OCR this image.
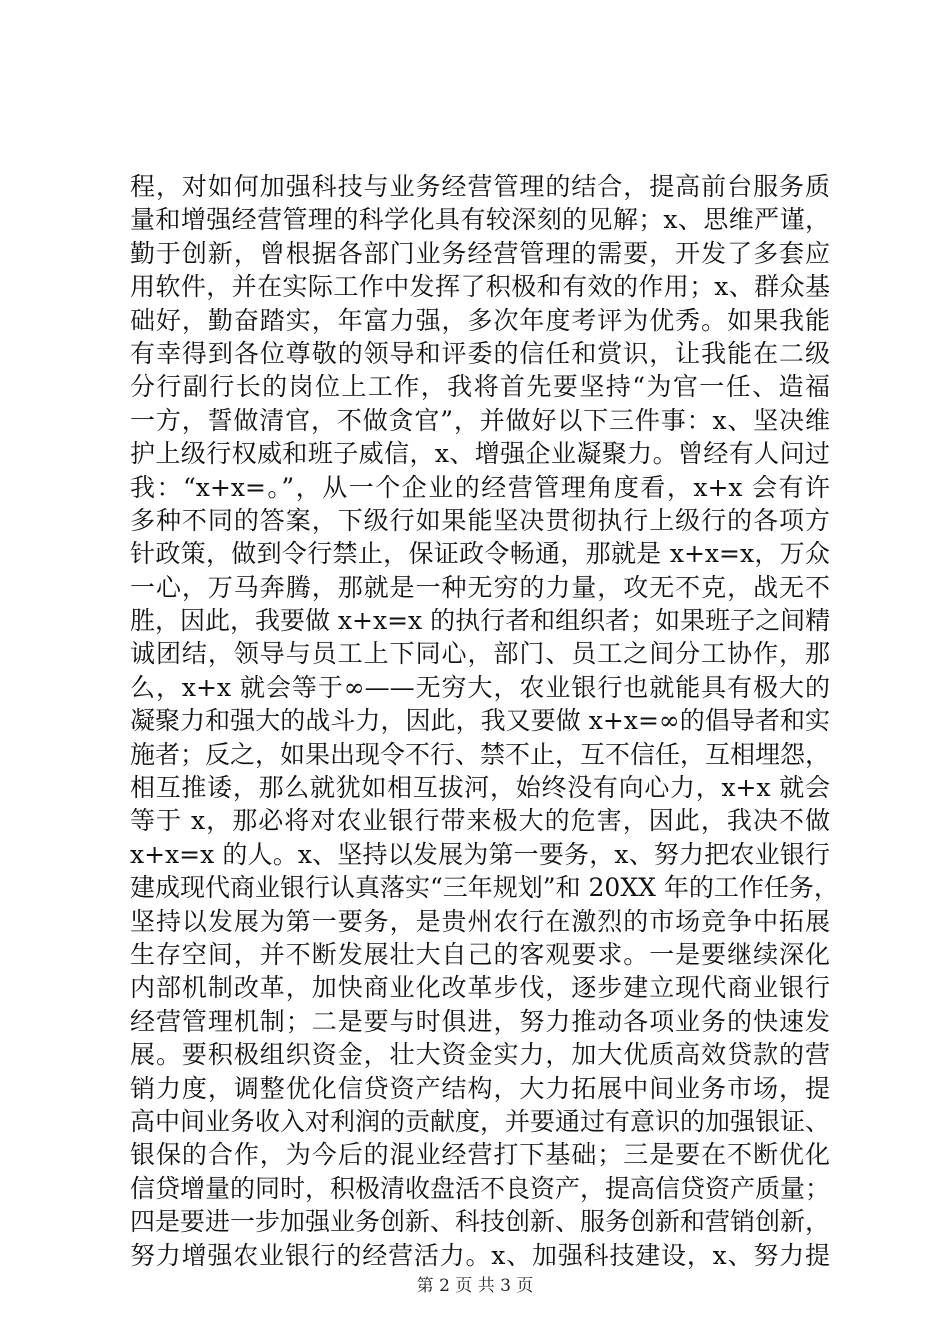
程，对如何加强科技与业务经营管理的结合，提高前台服务质
量和增强经营管理的科学化具有较深刻的见解；x、思维严谨，
勤于创新，曾根据各部门业务经营管理的需要，开发了多套应
用软件，并在实际工作中发挥了积极和有效的作用；x、群众基
础好，勤奋踏实，年富力强，多次年度考评为优秀。如果我能
有幸得到各位尊敬的领导和评委的信任和赏识，让我能在二级
分行副行长的岗位上工作，我将首先要坚持“为官一任、造福
一方，誓做清官，不做贪官”，并做好以下三件事：x、坚决维
护上级行权威和班子威信，x、增强企业凝聚力。曾经有人问过
我：“x+x=。”，从一个企业的经营管理角度看，x+x 会有许
多种不同的答案，下级行如果能坚决贯彻执行上级行的各项方
针政策，做到令行禁止，保证政令畅通，那就是 x+x=x，万众
一心，万马奔腾，那就是一种无穷的力量，攻无不克，战无不
胜，因此，我要做 x+x=x 的执行者和组织者；如果班子之间精
诚团结，领导与员工上下同心，部门、员工之间分工协作，那
么，x+x 就会等于∞——无穷大，农业银行也就能具有极大的
凝聚力和强大的战斗力，因此，我又要做 x+x=∞的倡导者和实
施者；反之，如果出现令不行、禁不止，互不信任，互相埋怨，
相互推诿，那么就犹如相互拔河，始终没有向心力，x+x 就会
等于 x，那必将对农业银行带来极大的危害，因此，我决不做
x+x=x 的人。x、坚持以发展为第一要务，x、努力把农业银行
建成现代商业银行认真落实“三年规划”和 20XX 年的工作任务，
坚持以发展为第一要务，是贵州农行在激烈的市场竞争中拓展
生存空间，并不断发展壮大自己的客观要求。一是要继续深化
内部机制改革，加快商业化改革步伐，逐步建立现代商业银行
经营管理机制；二是要与时俱进，努力推动各项业务的快速发
展。要积极组织资金，壮大资金实力，加大优质高效贷款的营
销力度，调整优化信贷资产结构，大力拓展中间业务市场，提
高中间业务收入对利润的贡献度，并要通过有意识的加强银证、
银保的合作，为今后的混业经营打下基础；三是要在不断优化
信贷增量的同时，积极清收盘活不良资产，提高信贷资产质量；
四是要进一步加强业务创新、科技创新、服务创新和营销创新，
努力增强农业银行的经营活力。x、加强科技建设，x、努力提
第 2 页 共 3 页
